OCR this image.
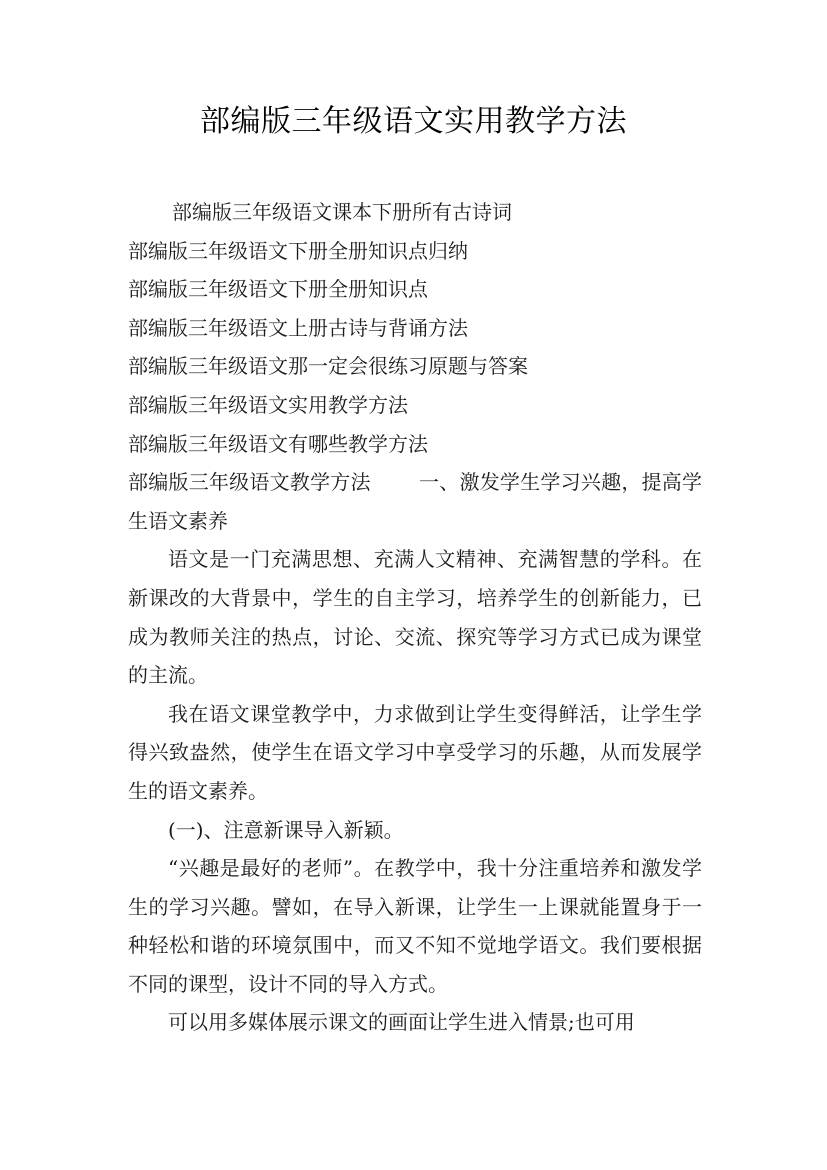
部编版三年级语文实用教学方法
部编版三年级语文课本下册所有古诗词
部编版三年级语文下册全册知识点归纳
部编版三年级语文下册全册知识点
部编版三年级语文上册古诗与背诵方法
部编版三年级语文那一定会很练习原题与答案
部编版三年级语文实用教学方法
部编版三年级语文有哪些教学方法
部编版三年级语文教学方法 一、激发学生学习兴趣，提高学生语文素养
语文是一门充满思想、充满人文精神、充满智慧的学科。在新课改的大背景中，学生的自主学习，培养学生的创新能力，已成为教师关注的热点，讨论、交流、探究等学习方式已成为课堂的主流。
我在语文课堂教学中，力求做到让学生变得鲜活，让学生学得兴致盎然，使学生在语文学习中享受学习的乐趣，从而发展学生的语文素养。
(一)、注意新课导入新颖。
“兴趣是最好的老师”。在教学中，我十分注重培养和激发学生的学习兴趣。譬如，在导入新课，让学生一上课就能置身于一种轻松和谐的环境氛围中，而又不知不觉地学语文。我们要根据不同的课型，设计不同的导入方式。
可以用多媒体展示课文的画面让学生进入情景;也可用
